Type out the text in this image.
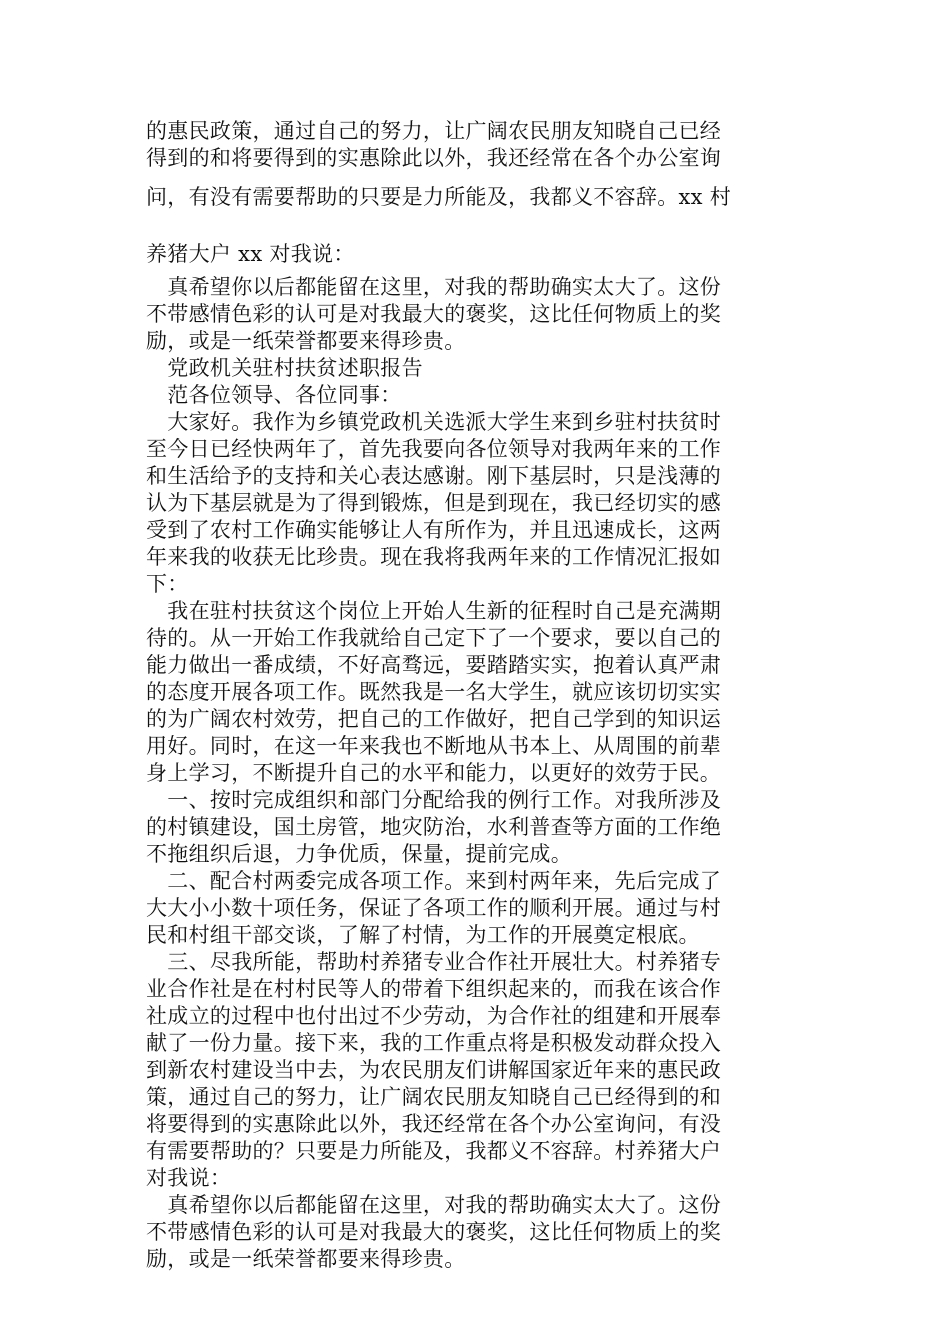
的惠民政策，通过自己的努力，让广阔农民朋友知晓自己已经

得到的和将要得到的实惠除此以外，我还经常在各个办公室询

问，有没有需要帮助的只要是力所能及，我都义不容辞。xx 村

养猪大户 xx 对我说：

　真希望你以后都能留在这里，对我的帮助确实太大了。这份

不带感情色彩的认可是对我最大的褒奖，这比任何物质上的奖

励，或是一纸荣誉都要来得珍贵。

　党政机关驻村扶贫述职报告

　范各位领导、各位同事：

　大家好。我作为乡镇党政机关选派大学生来到乡驻村扶贫时

至今日已经快两年了，首先我要向各位领导对我两年来的工作

和生活给予的支持和关心表达感谢。刚下基层时，只是浅薄的

认为下基层就是为了得到锻炼，但是到现在，我已经切实的感

受到了农村工作确实能够让人有所作为，并且迅速成长，这两

年来我的收获无比珍贵。现在我将我两年来的工作情况汇报如

下：

　我在驻村扶贫这个岗位上开始人生新的征程时自己是充满期

待的。从一开始工作我就给自己定下了一个要求，要以自己的

能力做出一番成绩，不好高骛远，要踏踏实实，抱着认真严肃

的态度开展各项工作。既然我是一名大学生，就应该切切实实

的为广阔农村效劳，把自己的工作做好，把自己学到的知识运

用好。同时，在这一年来我也不断地从书本上、从周围的前辈

身上学习，不断提升自己的水平和能力，以更好的效劳于民。

　一、按时完成组织和部门分配给我的例行工作。对我所涉及

的村镇建设，国土房管，地灾防治，水利普查等方面的工作绝

不拖组织后退，力争优质，保量，提前完成。

　二、配合村两委完成各项工作。来到村两年来，先后完成了

大大小小数十项任务，保证了各项工作的顺利开展。通过与村

民和村组干部交谈，了解了村情，为工作的开展奠定根底。

　三、尽我所能，帮助村养猪专业合作社开展壮大。村养猪专

业合作社是在村村民等人的带着下组织起来的，而我在该合作

社成立的过程中也付出过不少劳动，为合作社的组建和开展奉

献了一份力量。接下来，我的工作重点将是积极发动群众投入

到新农村建设当中去，为农民朋友们讲解国家近年来的惠民政

策，通过自己的努力，让广阔农民朋友知晓自己已经得到的和

将要得到的实惠除此以外，我还经常在各个办公室询问，有没

有需要帮助的？只要是力所能及，我都义不容辞。村养猪大户

对我说：

　真希望你以后都能留在这里，对我的帮助确实太大了。这份

不带感情色彩的认可是对我最大的褒奖，这比任何物质上的奖

励，或是一纸荣誉都要来得珍贵。
